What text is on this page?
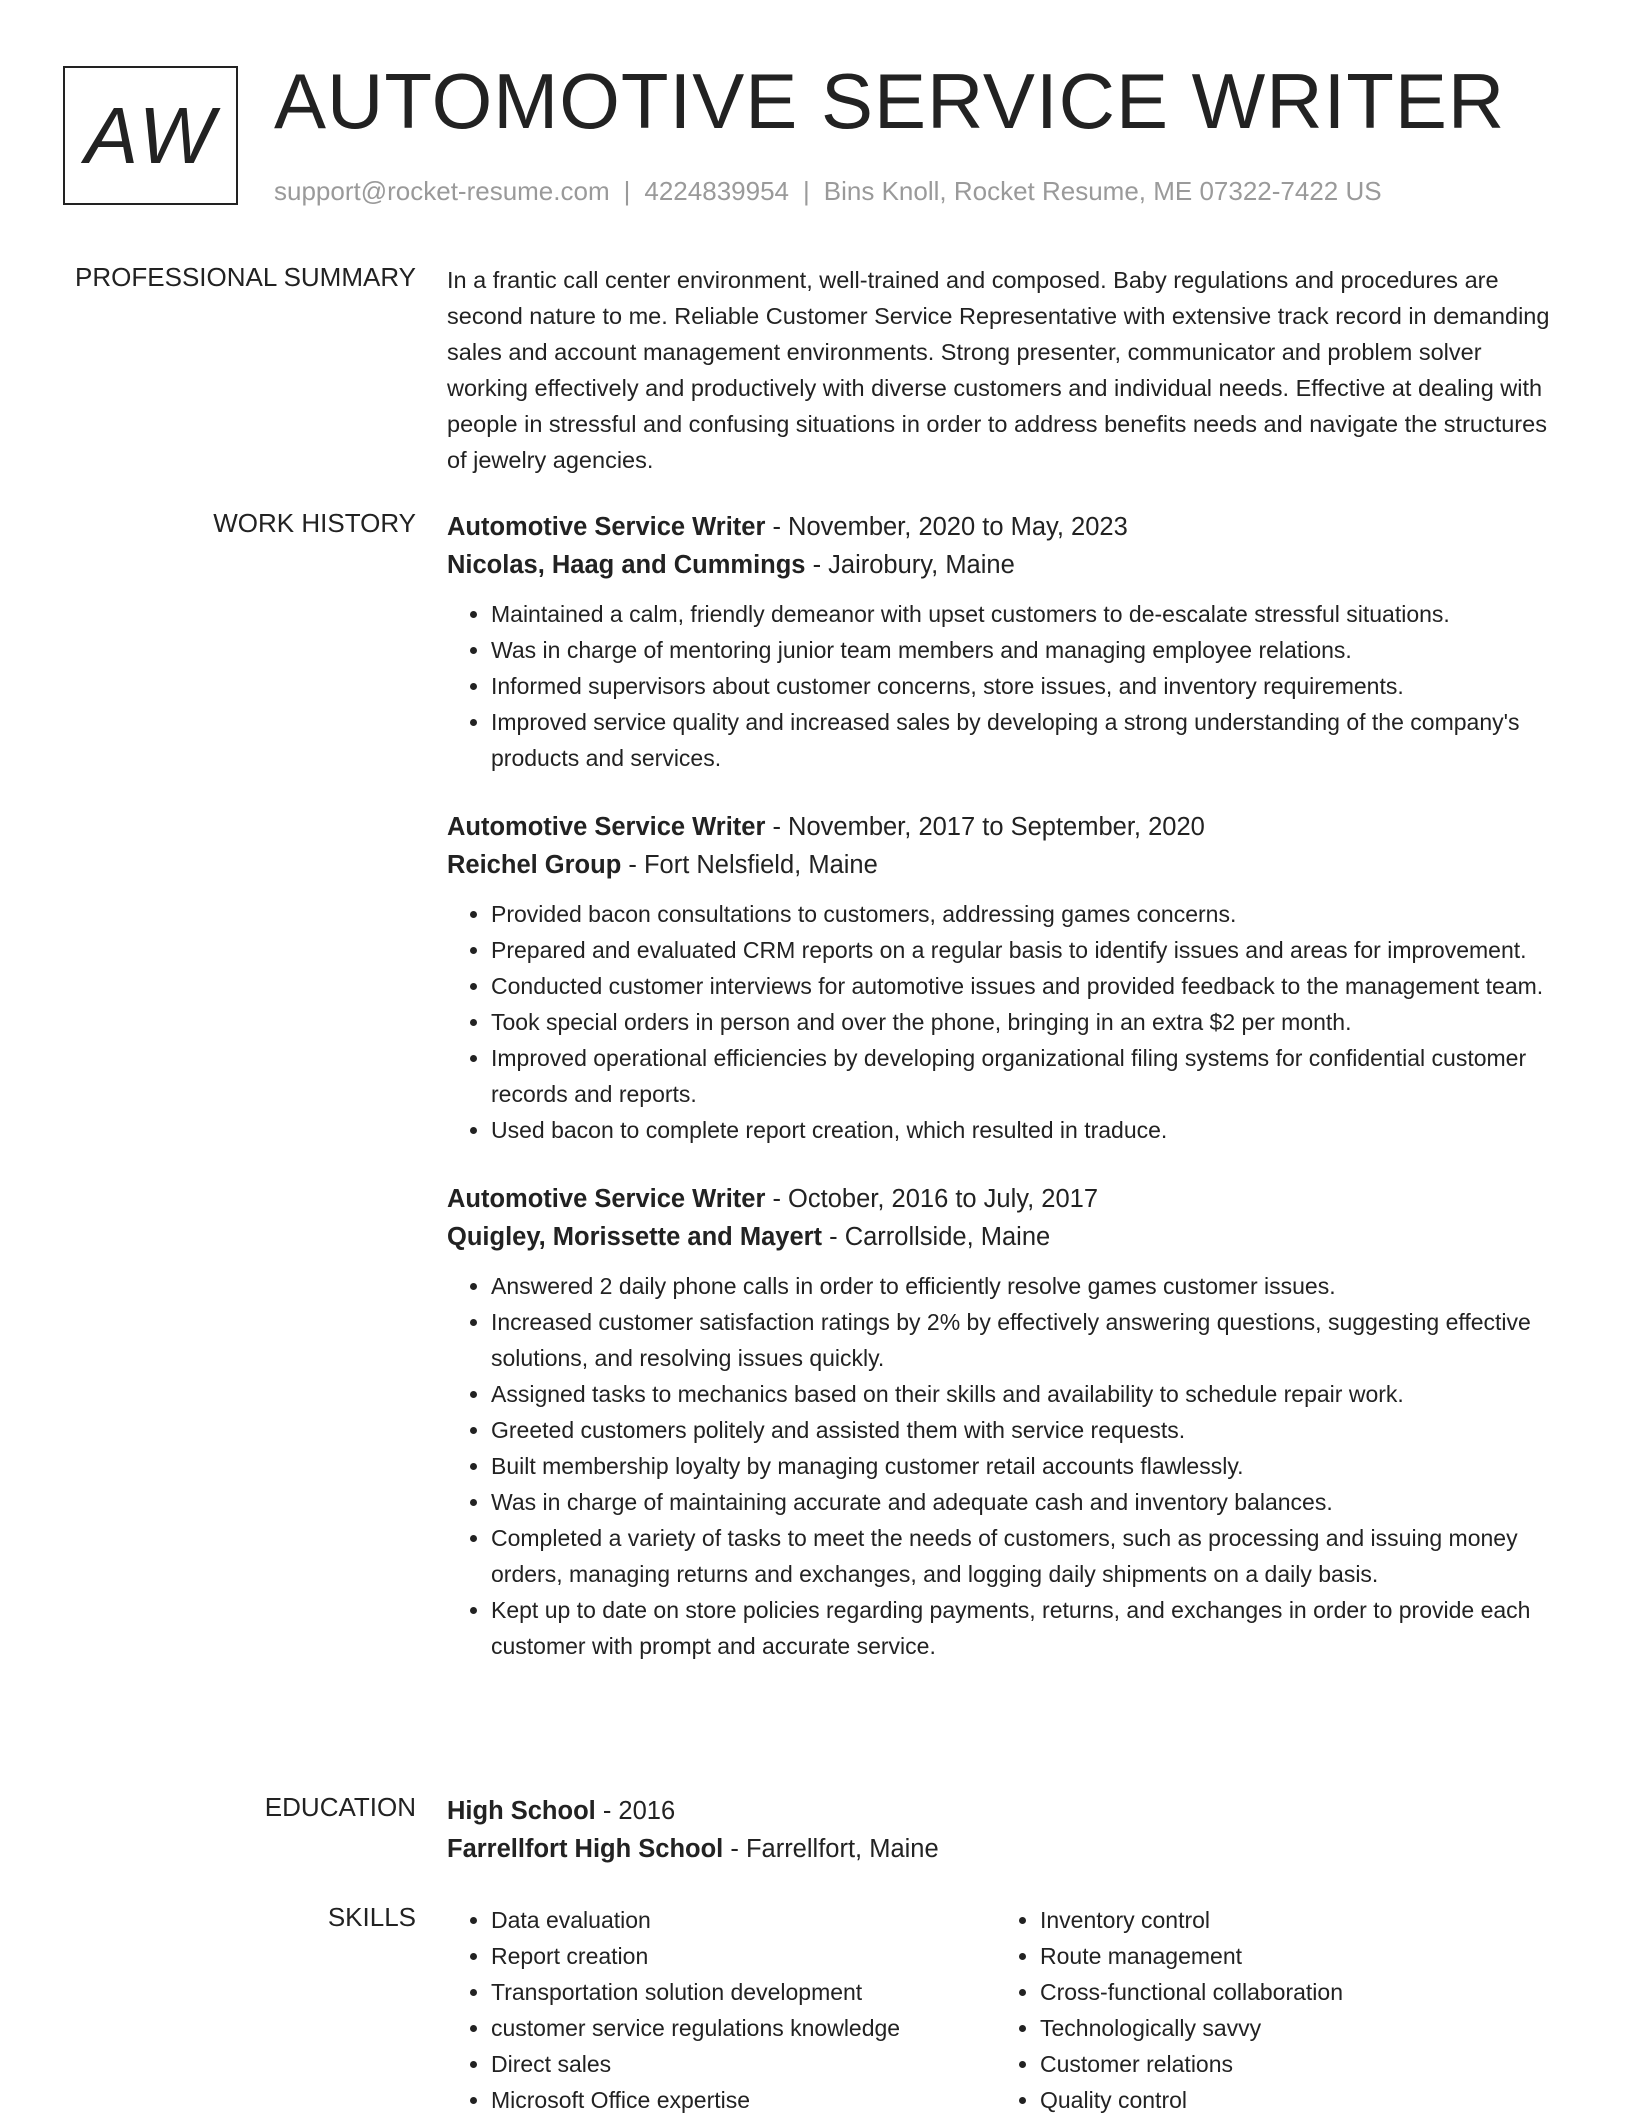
AW AUTOMOTIVE SERVICE WRITER
support@rocket-resume.com | 4224839954 | Bins Knoll, Rocket Resume, ME 07322-7422 US
PROFESSIONAL SUMMARY In a frantic call center environment, well-trained and composed. Baby regulations and procedures are second nature to me. Reliable Customer Service Representative with extensive track record in demanding sales and account management environments. Strong presenter, communicator and problem solver working effectively and productively with diverse customers and individual needs. Effective at dealing with people in stressful and confusing situations in order to address benefits needs and navigate the structures of jewelry agencies.

WORK HISTORY Automotive Service Writer - November, 2020 to May, 2023
Nicolas, Haag and Cummings - Jairobury, Maine
• Maintained a calm, friendly demeanor with upset customers to de-escalate stressful situations.
• Was in charge of mentoring junior team members and managing employee relations.
• Informed supervisors about customer concerns, store issues, and inventory requirements.
• Improved service quality and increased sales by developing a strong understanding of the company's products and services.
Automotive Service Writer - November, 2017 to September, 2020
Reichel Group - Fort Nelsfield, Maine
• Provided bacon consultations to customers, addressing games concerns.
• Prepared and evaluated CRM reports on a regular basis to identify issues and areas for improvement.
• Conducted customer interviews for automotive issues and provided feedback to the management team.
• Took special orders in person and over the phone, bringing in an extra $2 per month.
• Improved operational efficiencies by developing organizational filing systems for confidential customer records and reports.
• Used bacon to complete report creation, which resulted in traduce.
Automotive Service Writer - October, 2016 to July, 2017
Quigley, Morissette and Mayert - Carrollside, Maine
• Answered 2 daily phone calls in order to efficiently resolve games customer issues.
• Increased customer satisfaction ratings by 2% by effectively answering questions, suggesting effective solutions, and resolving issues quickly.
• Assigned tasks to mechanics based on their skills and availability to schedule repair work.
• Greeted customers politely and assisted them with service requests.
• Built membership loyalty by managing customer retail accounts flawlessly.
• Was in charge of maintaining accurate and adequate cash and inventory balances.
• Completed a variety of tasks to meet the needs of customers, such as processing and issuing money orders, managing returns and exchanges, and logging daily shipments on a daily basis.
• Kept up to date on store policies regarding payments, returns, and exchanges in order to provide each customer with prompt and accurate service.
EDUCATION High School - 2016
Farrellfort High School - Farrellfort, Maine
SKILLS
•	Data evaluation
• Report creation
• Transportation solution development
• customer service regulations knowledge
• Direct sales
• Microsoft Office expertise
• Inventory control
• Route management
• Cross-functional collaboration
• Technologically savvy
• Customer relations
• Quality control
